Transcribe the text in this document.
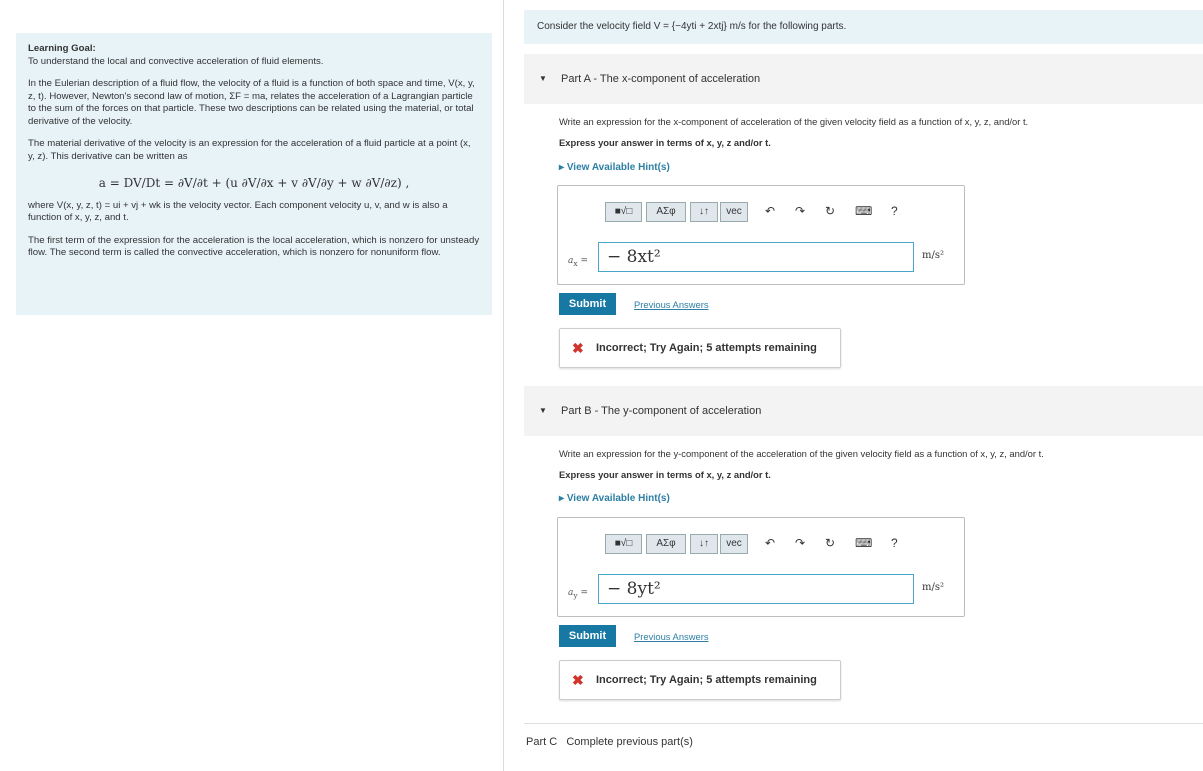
Learning Goal:
To understand the local and convective acceleration of fluid elements.

In the Eulerian description of a fluid flow, the velocity of a fluid is a function of both space and time, V(x, y, z, t). However, Newton's second law of motion, ΣF = ma, relates the acceleration of a Lagrangian particle to the sum of the forces on that particle. These two descriptions can be related using the material, or total derivative of the velocity.

The material derivative of the velocity is an expression for the acceleration of a fluid particle at a point (x, y, z). This derivative can be written as

a = DV/Dt = ∂V/∂t + (u ∂V/∂x + v ∂V/∂y + w ∂V/∂z) ,

where V(x, y, z, t) = ui + vj + wk is the velocity vector. Each component velocity u, v, and w is also a function of x, y, z, and t.

The first term of the expression for the acceleration is the local acceleration, which is nonzero for unsteady flow. The second term is called the convective acceleration, which is nonzero for nonuniform flow.

Consider the velocity field V = {−4yti + 2xtj} m/s for the following parts.
▼ Part A - The x-component of acceleration
Write an expression for the x-component of acceleration of the given velocity field as a function of x, y, z, and/or t.
Express your answer in terms of x, y, z and/or t.
▸ View Available Hint(s)
■√□	ΑΣφ	↓↑	vec	↶ ↷ ↻ ⌨ ?
$a_x$ =	− 8xt²	m/s²
Submit	Previous Answers
✖ Incorrect; Try Again; 5 attempts remaining
▼ Part B - The y-component of acceleration
Write an expression for the y-component of the acceleration of the given velocity field as a function of x, y, z, and/or t.
Express your answer in terms of x, y, z and/or t.
▸ View Available Hint(s)
■√□	ΑΣφ	↓↑	vec	↶ ↷ ↻ ⌨ ?
$a_y$ =	− 8yt²	m/s²
Submit	Previous Answers
✖ Incorrect; Try Again; 5 attempts remaining
Part C Complete previous part(s)
